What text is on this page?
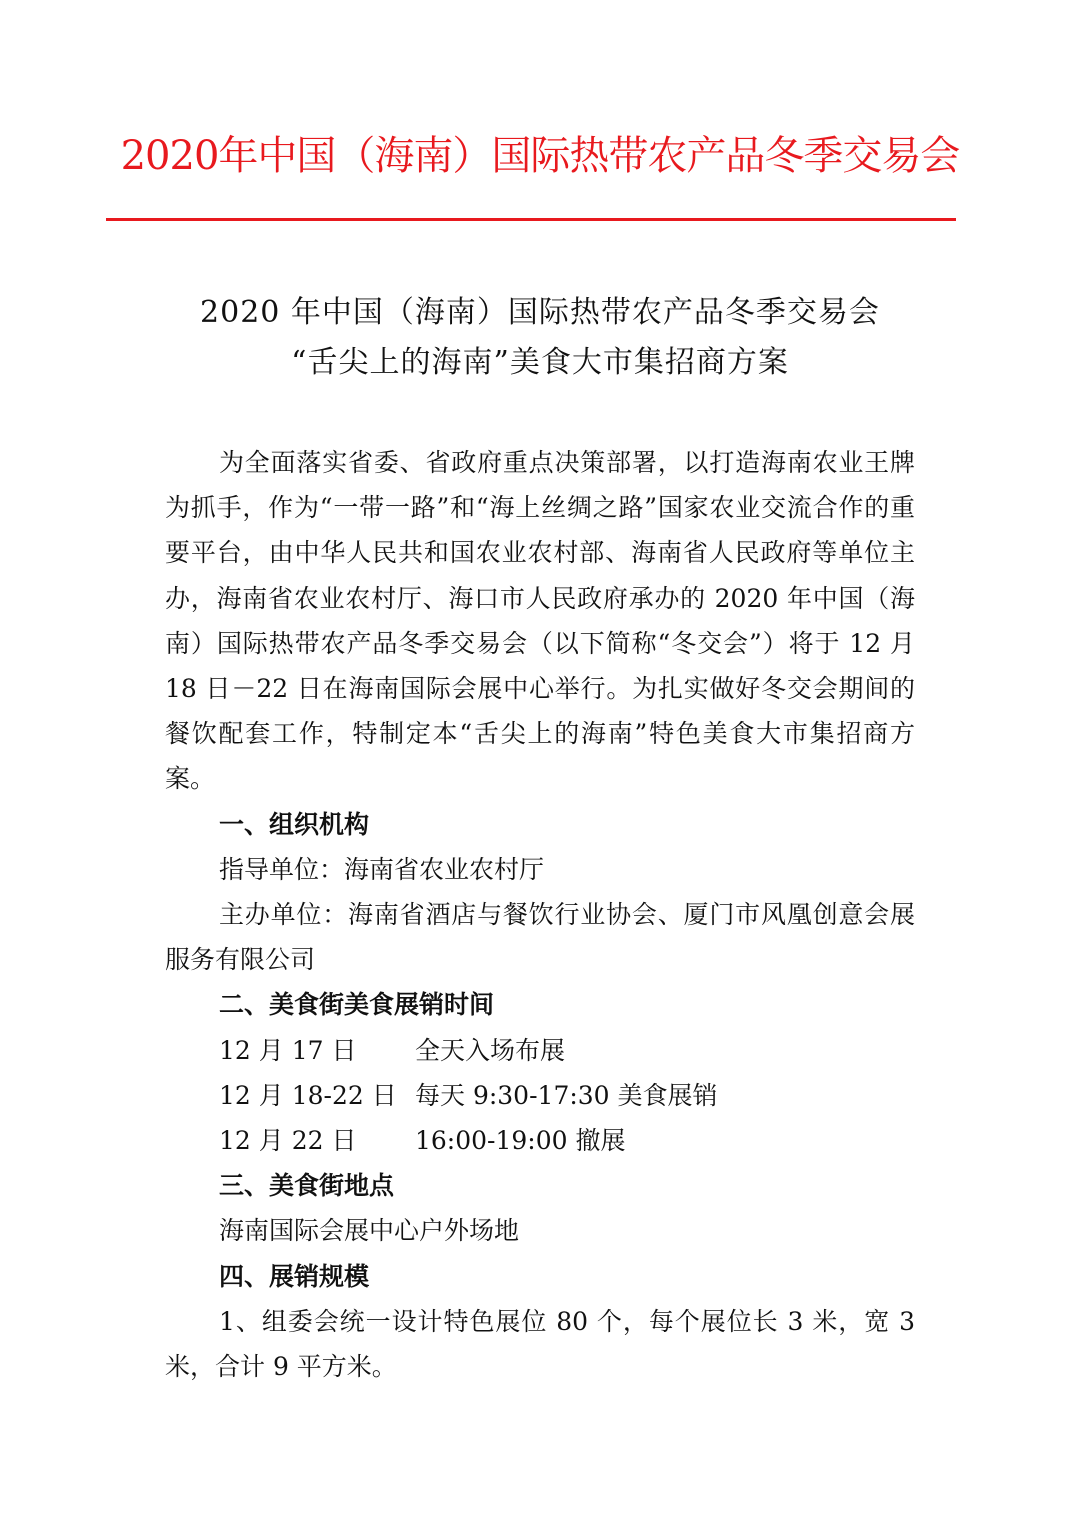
2020年中国（海南）国际热带农产品冬季交易会
2020 年中国（海南）国际热带农产品冬季交易会
“舌尖上的海南”美食大市集招商方案

为全面落实省委、省政府重点决策部署，以打造海南农业王牌为抓手，作为“一带一路”和“海上丝绸之路”国家农业交流合作的重要平台，由中华人民共和国农业农村部、海南省人民政府等单位主办，海南省农业农村厅、海口市人民政府承办的 2020 年中国（海南）国际热带农产品冬季交易会（以下简称“冬交会”）将于 12 月 18 日－22 日在海南国际会展中心举行。为扎实做好冬交会期间的餐饮配套工作，特制定本“舌尖上的海南”特色美食大市集招商方案。

一、组织机构

指导单位：海南省农业农村厅

主办单位：海南省酒店与餐饮行业协会、厦门市风凰创意会展服务有限公司

二、美食街美食展销时间

12 月 17 日 全天入场布展

12 月 18-22 日 每天 9:30-17:30 美食展销

12 月 22 日 16:00-19:00 撤展

三、美食街地点

海南国际会展中心户外场地

四、展销规模

1、组委会统一设计特色展位 80 个，每个展位长 3 米，宽 3 米，合计 9 平方米。
